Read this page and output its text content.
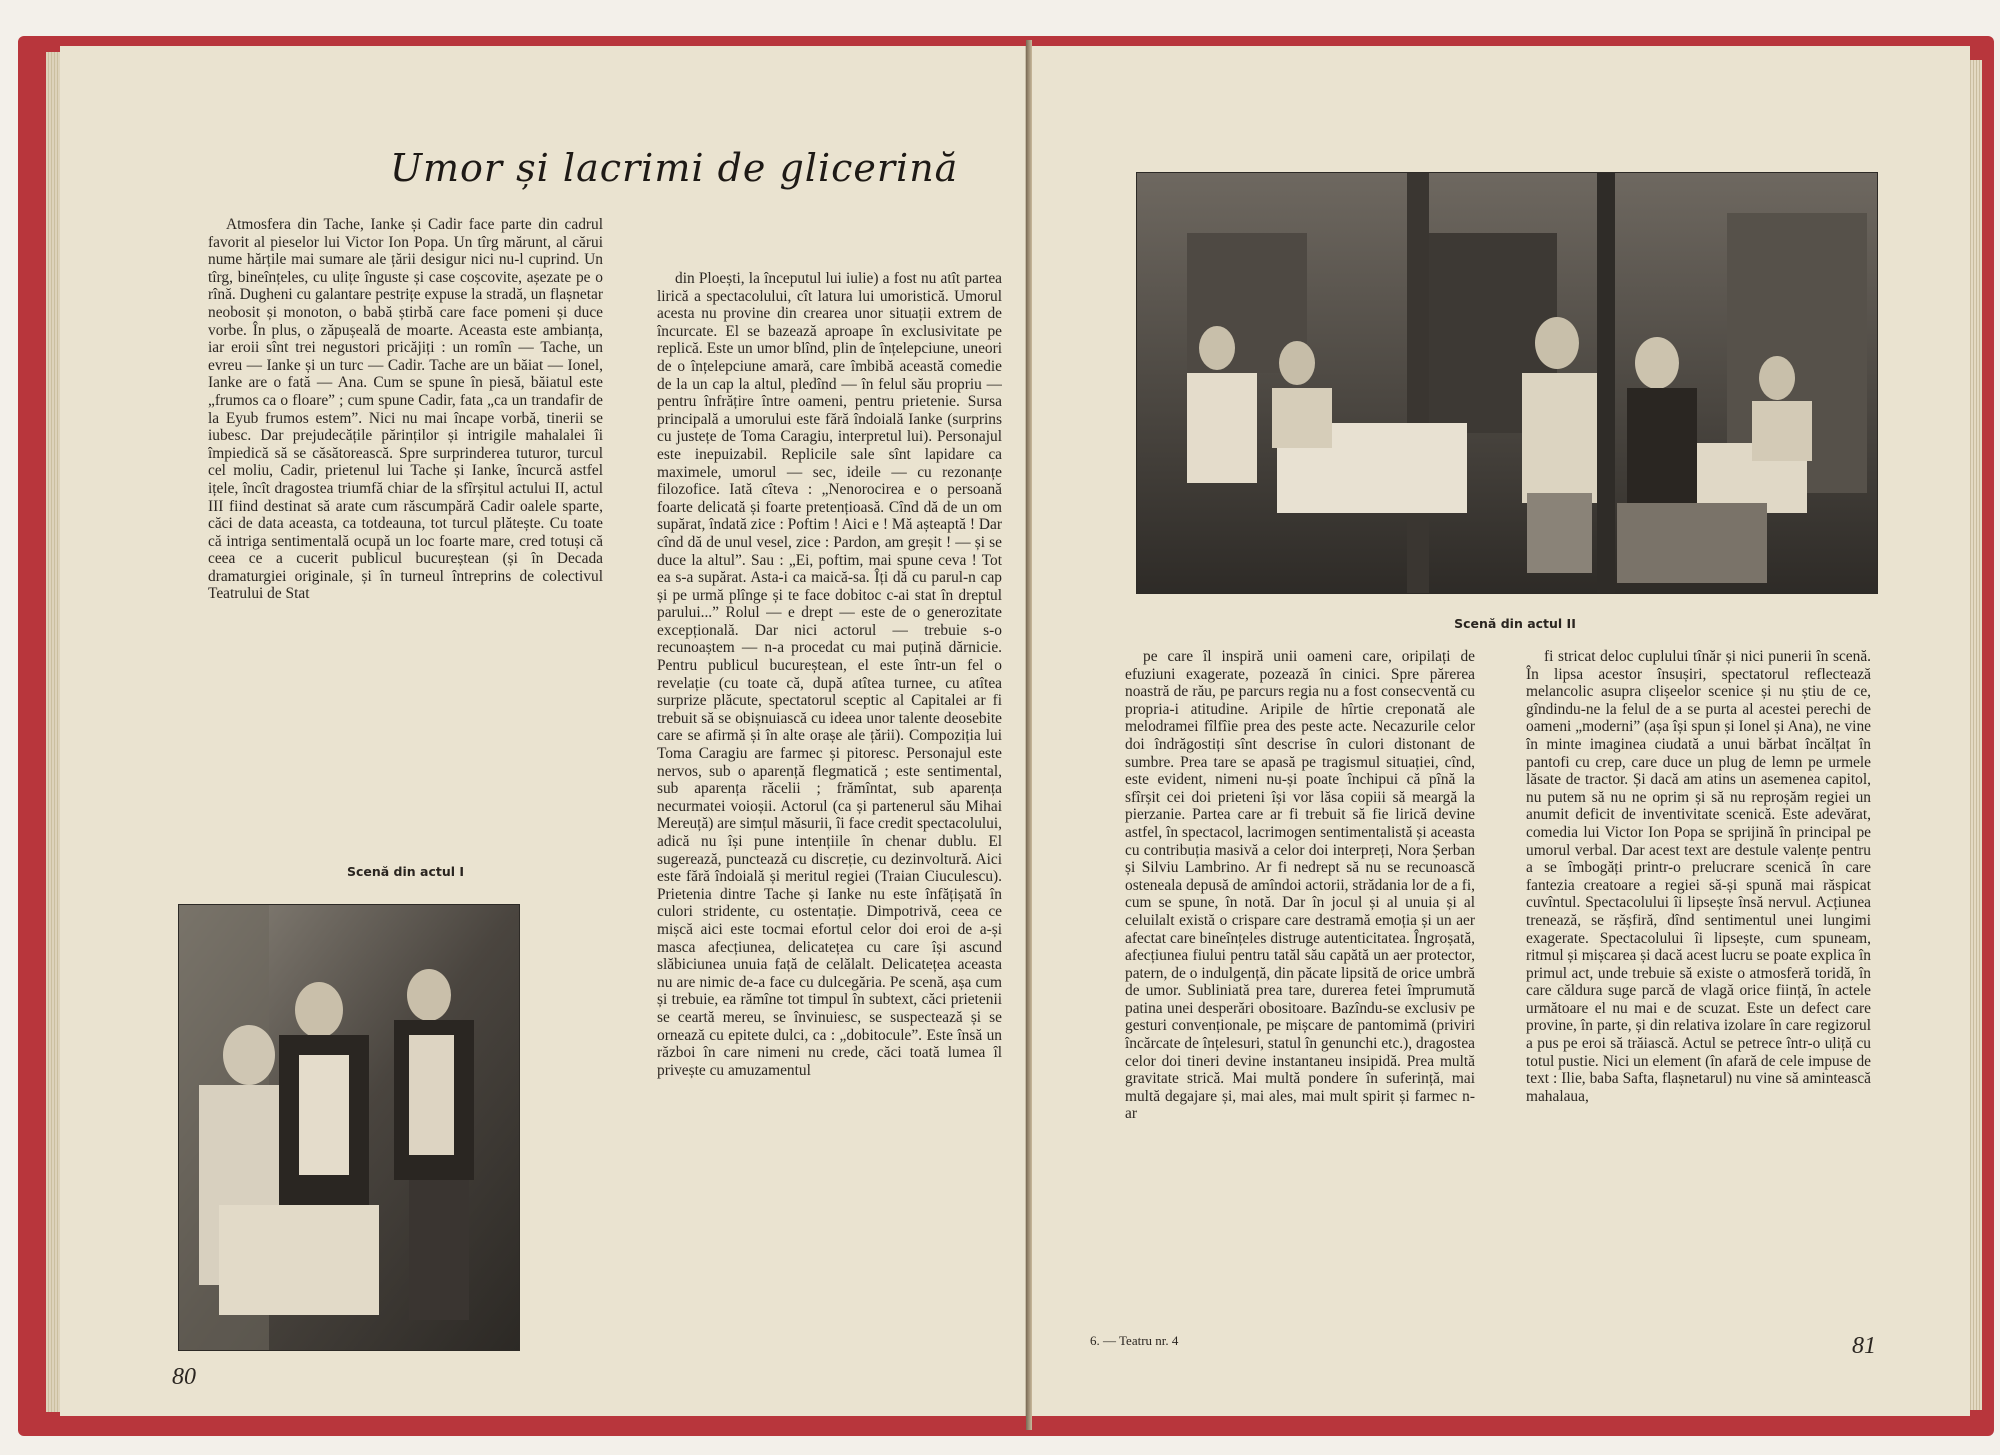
Umor și lacrimi de glicerină

Atmosfera din Tache, Ianke și Cadir face parte din cadrul favorit al pieselor lui Victor Ion Popa. Un tîrg mărunt, al cărui nume hărțile mai sumare ale țării desigur nici nu-l cuprind. Un tîrg, bineînțeles, cu ulițe înguste și case coșcovite, așezate pe o rînă. Dugheni cu galantare pestrițe expuse la stradă, un flașnetar neobosit și monoton, o babă știrbă care face pomeni și duce vorbe. În plus, o zăpușeală de moarte. Aceasta este ambianța, iar eroii sînt trei negustori pricăjiți : un romîn — Tache, un evreu — Ianke și un turc — Cadir. Tache are un băiat — Ionel, Ianke are o fată — Ana. Cum se spune în piesă, băiatul este „frumos ca o floare” ; cum spune Cadir, fata „ca un trandafir de la Eyub frumos estem”. Nici nu mai încape vorbă, tinerii se iubesc. Dar prejudecățile părinților și intrigile mahalalei îi împiedică să se căsătorească. Spre surprinderea tuturor, turcul cel moliu, Cadir, prietenul lui Tache și Ianke, încurcă astfel ițele, încît dragostea triumfă chiar de la sfîrșitul actului II, actul III fiind destinat să arate cum răscumpără Cadir oalele sparte, căci de data aceasta, ca totdeauna, tot turcul plătește. Cu toate că intriga sentimentală ocupă un loc foarte mare, cred totuși că ceea ce a cucerit publicul bucureștean (și în Decada dramaturgiei originale, și în turneul întreprins de colectivul Teatrului de Stat

Scenă din actul I

din Ploești, la începutul lui iulie) a fost nu atît partea lirică a spectacolului, cît latura lui umoristică. Umorul acesta nu provine din crearea unor situații extrem de încurcate. El se bazează aproape în exclusivitate pe replică. Este un umor blînd, plin de înțelepciune, uneori de o înțelepciune amară, care îmbibă această comedie de la un cap la altul, pledînd — în felul său propriu — pentru înfrățire între oameni, pentru prietenie. Sursa principală a umorului este fără îndoială Ianke (surprins cu justețe de Toma Caragiu, interpretul lui). Personajul este inepuizabil. Replicile sale sînt lapidare ca maximele, umorul — sec, ideile — cu rezonanțe filozofice. Iată cîteva : „Nenorocirea e o persoană foarte delicată și foarte pretențioasă. Cînd dă de un om supărat, îndată zice : Poftim ! Aici e ! Mă așteaptă ! Dar cînd dă de unul vesel, zice : Pardon, am greșit ! — și se duce la altul”. Sau : „Ei, poftim, mai spune ceva ! Tot ea s-a supărat. Asta-i ca maică-sa. Îți dă cu parul-n cap și pe urmă plînge și te face dobitoc c-ai stat în dreptul parului...” Rolul — e drept — este de o generozitate excepțională. Dar nici actorul — trebuie s-o recunoaștem — n-a procedat cu mai puțină dărnicie. Pentru publicul bucureștean, el este într-un fel o revelație (cu toate că, după atîtea turnee, cu atîtea surprize plăcute, spectatorul sceptic al Capitalei ar fi trebuit să se obișnuiască cu ideea unor talente deosebite care se afirmă și în alte orașe ale țării). Compoziția lui Toma Caragiu are farmec și pitoresc. Personajul este nervos, sub o aparență flegmatică ; este sentimental, sub aparența răcelii ; frămîntat, sub aparența necurmatei voioșii. Actorul (ca și partenerul său Mihai Mereuță) are simțul măsurii, îi face credit spectacolului, adică nu își pune intențiile în chenar dublu. El sugerează, punctează cu discreție, cu dezinvoltură. Aici este fără îndoială și meritul regiei (Traian Ciuculescu). Prietenia dintre Tache și Ianke nu este înfățișată în culori stridente, cu ostentație. Dimpotrivă, ceea ce mișcă aici este tocmai efortul celor doi eroi de a-și masca afecțiunea, delicatețea cu care își ascund slăbiciunea unuia față de celălalt. Delicatețea aceasta nu are nimic de-a face cu dulcegăria. Pe scenă, așa cum și trebuie, ea rămîne tot timpul în subtext, căci prietenii se ceartă mereu, se învinuiesc, se suspectează și se ornează cu epitete dulci, ca : „dobitocule”. Este însă un război în care nimeni nu crede, căci toată lumea îl privește cu amuzamentul

80
Scenă din actul II

pe care îl inspiră unii oameni care, oripilați de efuziuni exagerate, pozează în cinici. Spre părerea noastră de rău, pe parcurs regia nu a fost consecventă cu propria-i atitudine. Aripile de hîrtie creponată ale melodramei fîlfîie prea des peste acte. Necazurile celor doi îndrăgostiți sînt descrise în culori distonant de sumbre. Prea tare se apasă pe tragismul situației, cînd, este evident, nimeni nu-și poate închipui că pînă la sfîrșit cei doi prieteni își vor lăsa copiii să meargă la pierzanie. Partea care ar fi trebuit să fie lirică devine astfel, în spectacol, lacrimogen sentimentalistă și aceasta cu contribuția masivă a celor doi interpreți, Nora Șerban și Silviu Lambrino. Ar fi nedrept să nu se recunoască osteneala depusă de amîndoi actorii, strădania lor de a fi, cum se spune, în notă. Dar în jocul și al unuia și al celuilalt există o crispare care destramă emoția și un aer afectat care bineînțeles distruge autenticitatea. Îngroșată, afecțiunea fiului pentru tatăl său capătă un aer protector, patern, de o indulgență, din păcate lipsită de orice umbră de umor. Subliniată prea tare, durerea fetei împrumută patina unei desperări obositoare. Bazîndu-se exclusiv pe gesturi convenționale, pe mișcare de pantomimă (priviri încărcate de înțelesuri, statul în genunchi etc.), dragostea celor doi tineri devine instantaneu insipidă. Prea multă gravitate strică. Mai multă pondere în suferință, mai multă degajare și, mai ales, mai mult spirit și farmec n-ar

fi stricat deloc cuplului tînăr și nici punerii în scenă. În lipsa acestor însușiri, spectatorul reflectează melancolic asupra clișeelor scenice și nu știu de ce, gîndindu-ne la felul de a se purta al acestei perechi de oameni „moderni” (așa își spun și Ionel și Ana), ne vine în minte imaginea ciudată a unui bărbat încălțat în pantofi cu crep, care duce un plug de lemn pe urmele lăsate de tractor. Și dacă am atins un asemenea capitol, nu putem să nu ne oprim și să nu reproșăm regiei un anumit deficit de inventivitate scenică. Este adevărat, comedia lui Victor Ion Popa se sprijină în principal pe umorul verbal. Dar acest text are destule valențe pentru a se îmbogăți printr-o prelucrare scenică în care fantezia creatoare a regiei să-și spună mai răspicat cuvîntul. Spectacolului îi lipsește însă nervul. Acțiunea trenează, se rășfiră, dînd sentimentul unei lungimi exagerate. Spectacolului îi lipsește, cum spuneam, ritmul și mișcarea și dacă acest lucru se poate explica în primul act, unde trebuie să existe o atmosferă toridă, în care căldura suge parcă de vlagă orice ființă, în actele următoare el nu mai e de scuzat. Este un defect care provine, în parte, și din relativa izolare în care regizorul a pus pe eroi să trăiască. Actul se petrece într-o uliță cu totul pustie. Nici un element (în afară de cele impuse de text : Ilie, baba Safta, flașnetarul) nu vine să amintească mahalaua,

6. — Teatru nr. 4	81
